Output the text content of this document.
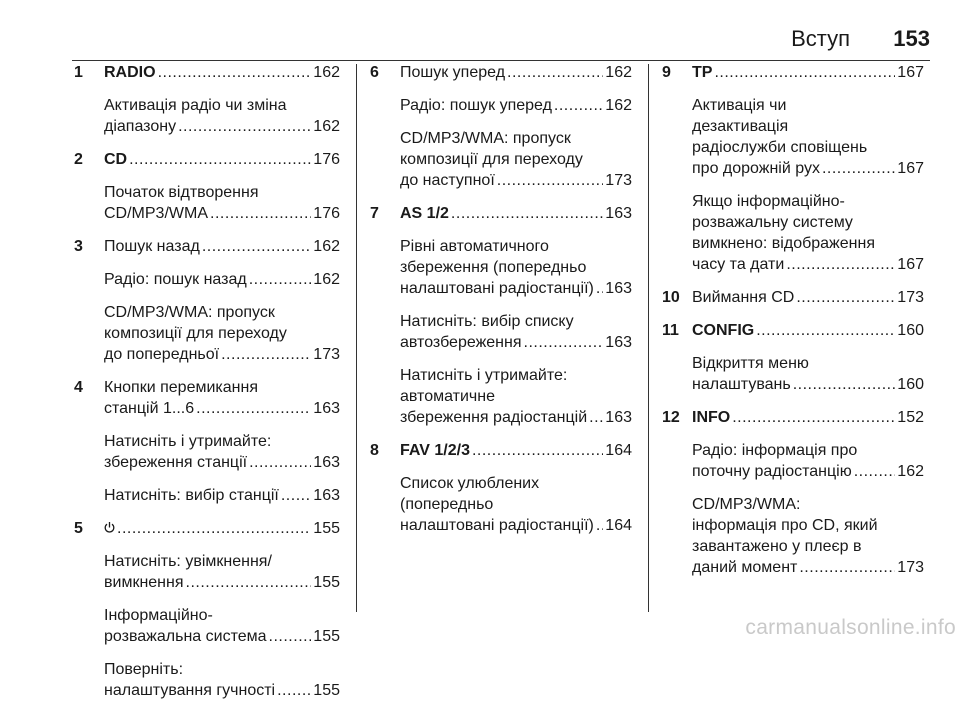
Вступ 153
1 RADIO .....	162
Активація радіо чи зміна
діапазону .....	162
2 CD .....	176
Початок відтворення
CD/MP3/WMA .....	176
3 Пошук назад .....	162
Радіо: пошук назад .....	162
CD/MP3/WMA: пропуск
композиції для переходу
до попередньої .....	173
4 Кнопки перемикання
станцій 1...6 .....	163
Натисніть і утримайте:
збереження станції .....	163
Натисніть: вибір станції ..... 163
5 .....	155
Натисніть: увімкнення/
вимкнення .....	155
Інформаційно-
розважальна система .....	155
Поверніть:
налаштування гучності ..... 155
6 Пошук уперед .....	162
Радіо: пошук уперед .....	162
CD/MP3/WMA: пропуск
композиції для переходу
до наступної .....	173
7 AS 1/2 .....	163
Рівні автоматичного
збереження (попередньо
налаштовані радіостанції) ..... 163
Натисніть: вибір списку
автозбереження .....	163
Натисніть і утримайте:
автоматичне
збереження радіостанцій ..... 163
8 FAV 1/2/3 .....	164
Список улюблених
(попередньо
налаштовані радіостанції) ..... 164
9 TP .....	167
Активація чи
дезактивація
радіослужби сповіщень
про дорожній рух .....	167
Якщо інформаційно-
розважальну систему
вимкнено: відображення
часу та дати .....	167
10 Виймання CD .....	173
11 CONFIG .....	160
Відкриття меню
налаштувань .....	160
12 INFO .....	152
Радіо: інформація про
поточну радіостанцію .....	162
CD/MP3/WMA:
інформація про CD, який
завантажено у плеєр в
даний момент .....	173
carmanualsonline.info
